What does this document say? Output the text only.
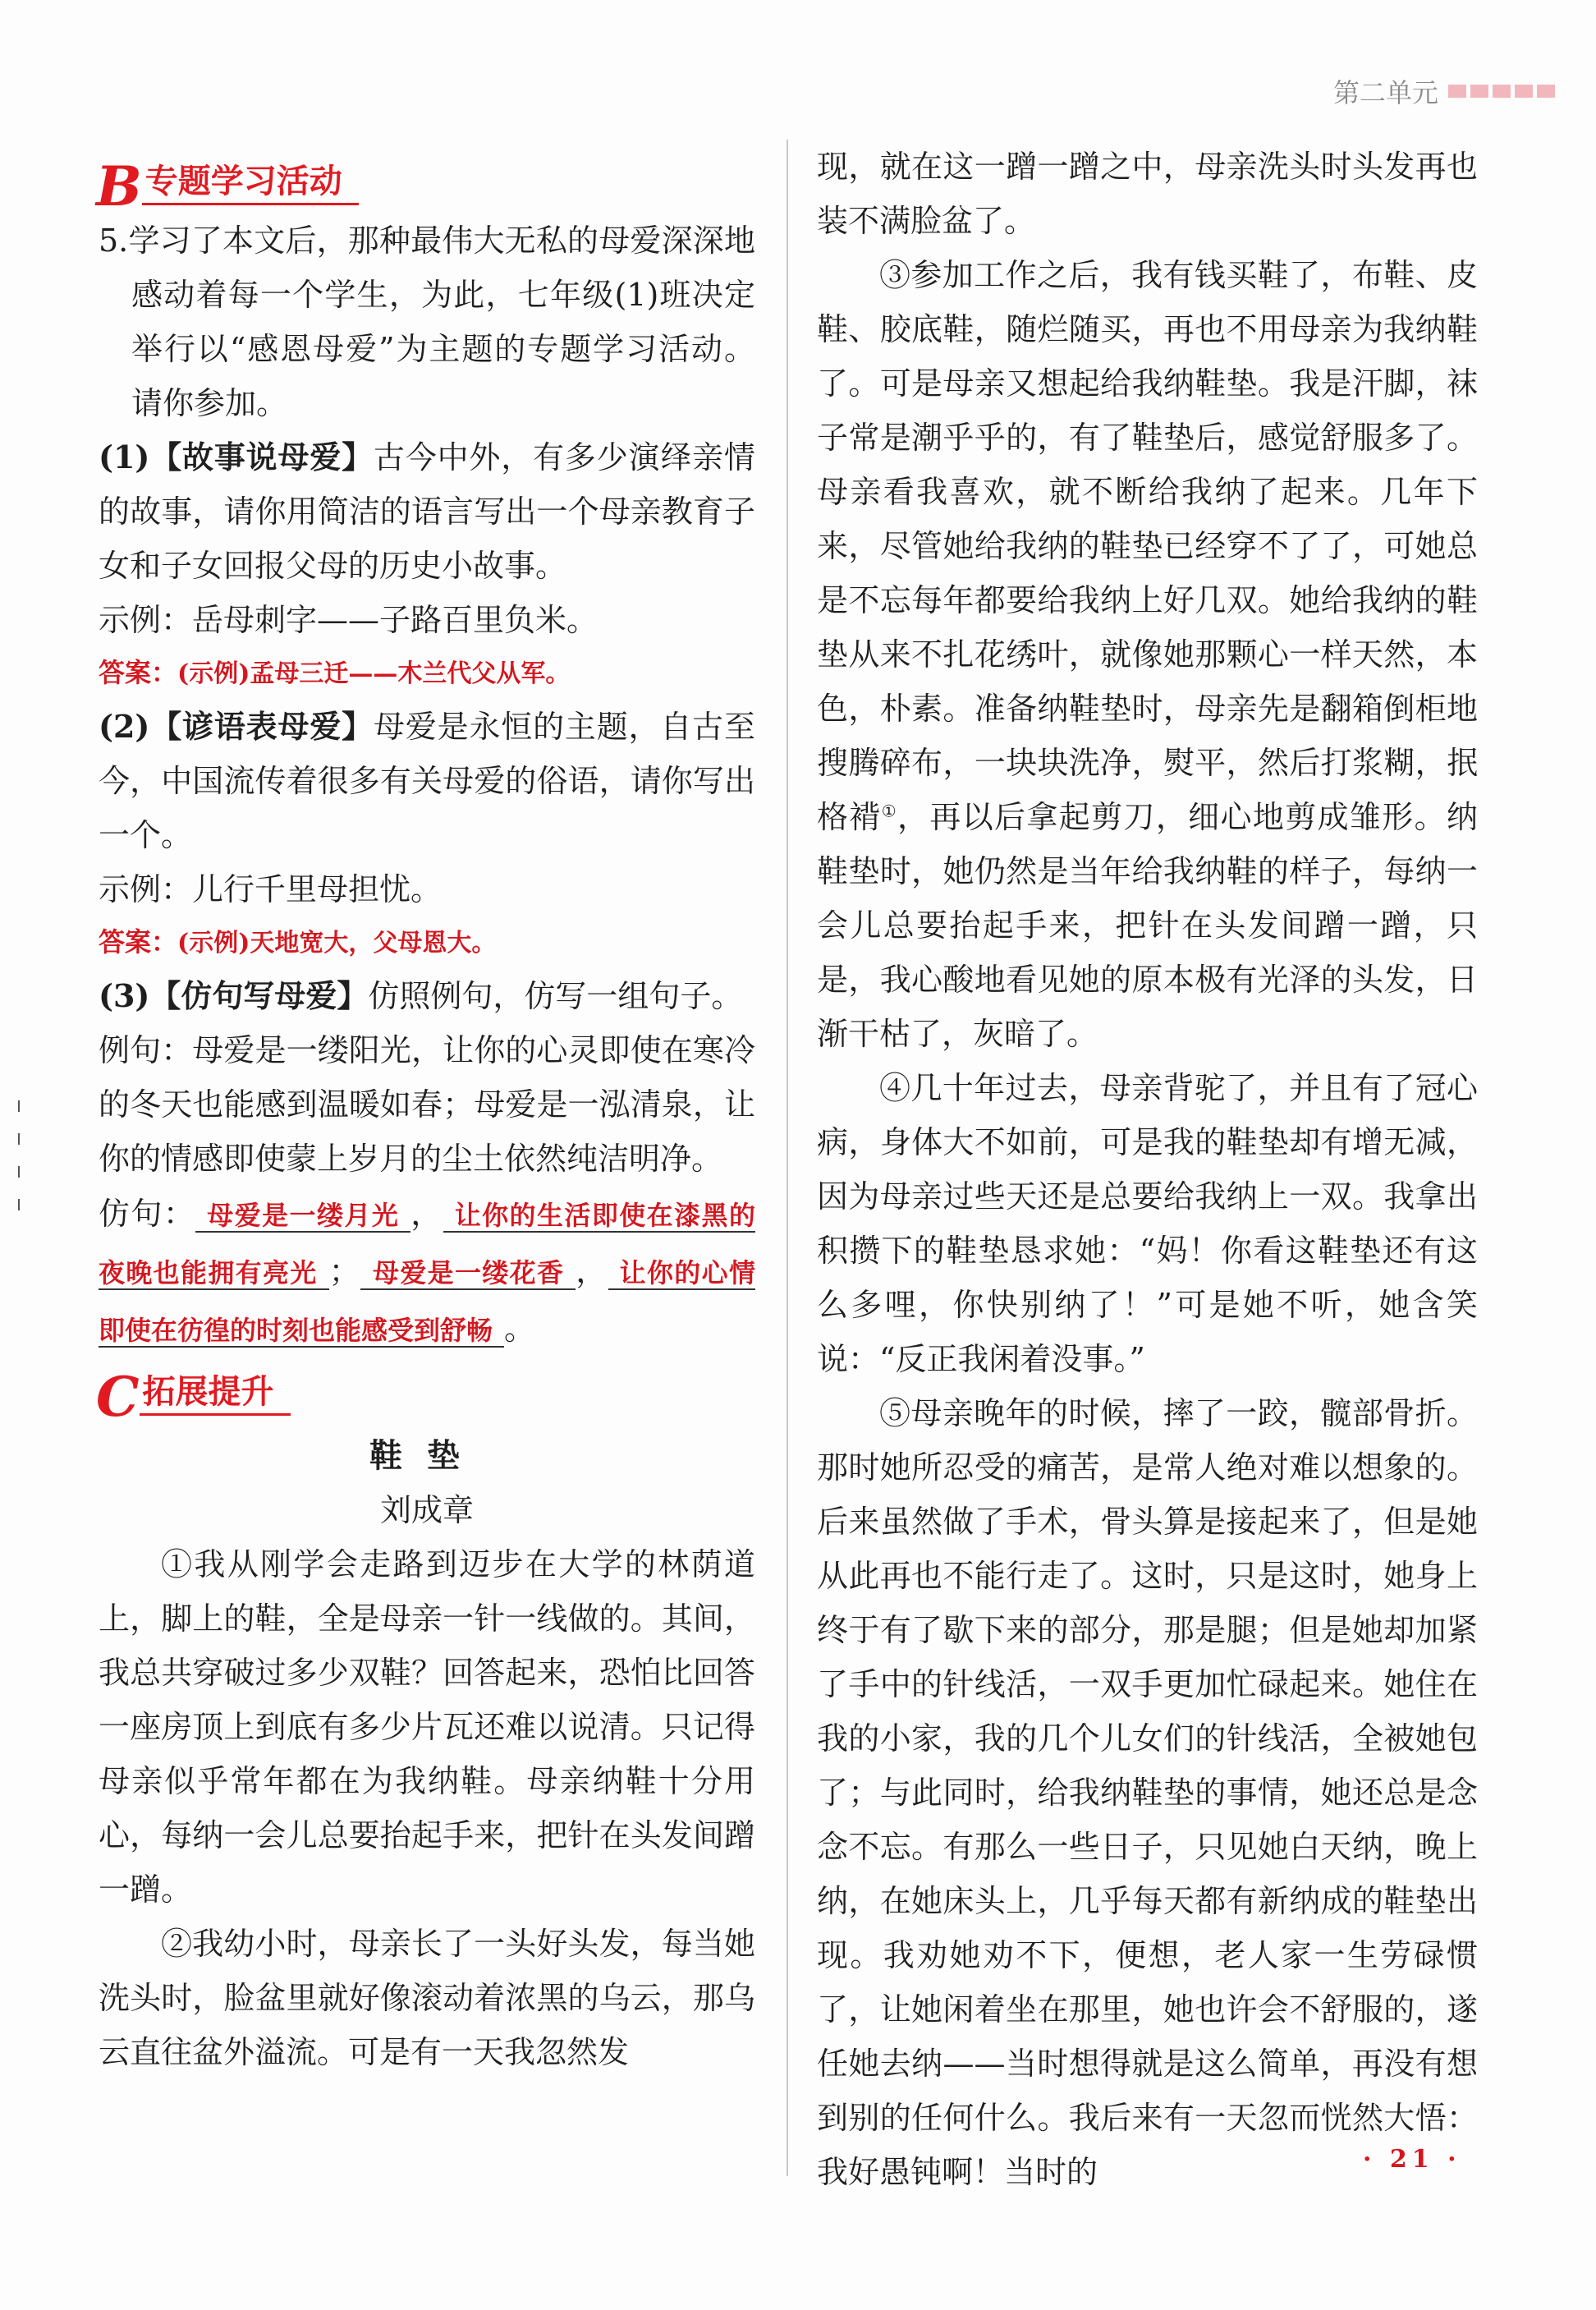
第二单元
B 专题学习活动

5.学习了本文后，那种最伟大无私的母爱深深地感动着每一个学生，为此，七年级(1)班决定举行以“感恩母爱”为主题的专题学习活动。请你参加。

(1)【故事说母爱】古今中外，有多少演绎亲情的故事，请你用简洁的语言写出一个母亲教育子女和子女回报父母的历史小故事。

示例：岳母刺字——子路百里负米。

答案：(示例)孟母三迁——木兰代父从军。

(2)【谚语表母爱】母爱是永恒的主题，自古至今，中国流传着很多有关母爱的俗语，请你写出一个。

示例：儿行千里母担忧。

答案：(示例)天地宽大，父母恩大。

(3)【仿句写母爱】仿照例句，仿写一组句子。

例句：母爱是一缕阳光，让你的心灵即使在寒冷的冬天也能感到温暖如春；母爱是一泓清泉，让你的情感即使蒙上岁月的尘土依然纯洁明净。

仿句： 母爱是一缕月光 ， 让你的生活即使在漆黑的夜晚也能拥有亮光 ； 母爱是一缕花香 ， 让你的心情即使在彷徨的时刻也能感受到舒畅 。

C 拓展提升
鞋垫
刘成章

①我从刚学会走路到迈步在大学的林荫道上，脚上的鞋，全是母亲一针一线做的。其间，我总共穿破过多少双鞋？回答起来，恐怕比回答一座房顶上到底有多少片瓦还难以说清。只记得母亲似乎常年都在为我纳鞋。母亲纳鞋十分用心，每纳一会儿总要抬起手来，把针在头发间蹭一蹭。

②我幼小时，母亲长了一头好头发，每当她洗头时，脸盆里就好像滚动着浓黑的乌云，那乌云直往盆外溢流。可是有一天我忽然发

现，就在这一蹭一蹭之中，母亲洗头时头发再也装不满脸盆了。

③参加工作之后，我有钱买鞋了，布鞋、皮鞋、胶底鞋，随烂随买，再也不用母亲为我纳鞋了。可是母亲又想起给我纳鞋垫。我是汗脚，袜子常是潮乎乎的，有了鞋垫后，感觉舒服多了。母亲看我喜欢，就不断给我纳了起来。几年下来，尽管她给我纳的鞋垫已经穿不了了，可她总是不忘每年都要给我纳上好几双。她给我纳的鞋垫从来不扎花绣叶，就像她那颗心一样天然，本色，朴素。准备纳鞋垫时，母亲先是翻箱倒柜地搜腾碎布，一块块洗净，熨平，然后打浆糊，抿格褙①，再以后拿起剪刀，细心地剪成雏形。纳鞋垫时，她仍然是当年给我纳鞋的样子，每纳一会儿总要抬起手来，把针在头发间蹭一蹭，只是，我心酸地看见她的原本极有光泽的头发，日渐干枯了，灰暗了。

④几十年过去，母亲背驼了，并且有了冠心病，身体大不如前，可是我的鞋垫却有增无减，因为母亲过些天还是总要给我纳上一双。我拿出积攒下的鞋垫恳求她：“妈！你看这鞋垫还有这么多哩，你快别纳了！”可是她不听，她含笑说：“反正我闲着没事。”

⑤母亲晚年的时候，摔了一跤，髋部骨折。那时她所忍受的痛苦，是常人绝对难以想象的。后来虽然做了手术，骨头算是接起来了，但是她从此再也不能行走了。这时，只是这时，她身上终于有了歇下来的部分，那是腿；但是她却加紧了手中的针线活，一双手更加忙碌起来。她住在我的小家，我的几个儿女们的针线活，全被她包了；与此同时，给我纳鞋垫的事情，她还总是念念不忘。有那么一些日子，只见她白天纳，晚上纳，在她床头上，几乎每天都有新纳成的鞋垫出现。我劝她劝不下，便想，老人家一生劳碌惯了，让她闲着坐在那里，她也许会不舒服的，遂任她去纳——当时想得就是这么简单，再没有想到别的任何什么。我后来有一天忽而恍然大悟：我好愚钝啊！当时的	· 21 ·
